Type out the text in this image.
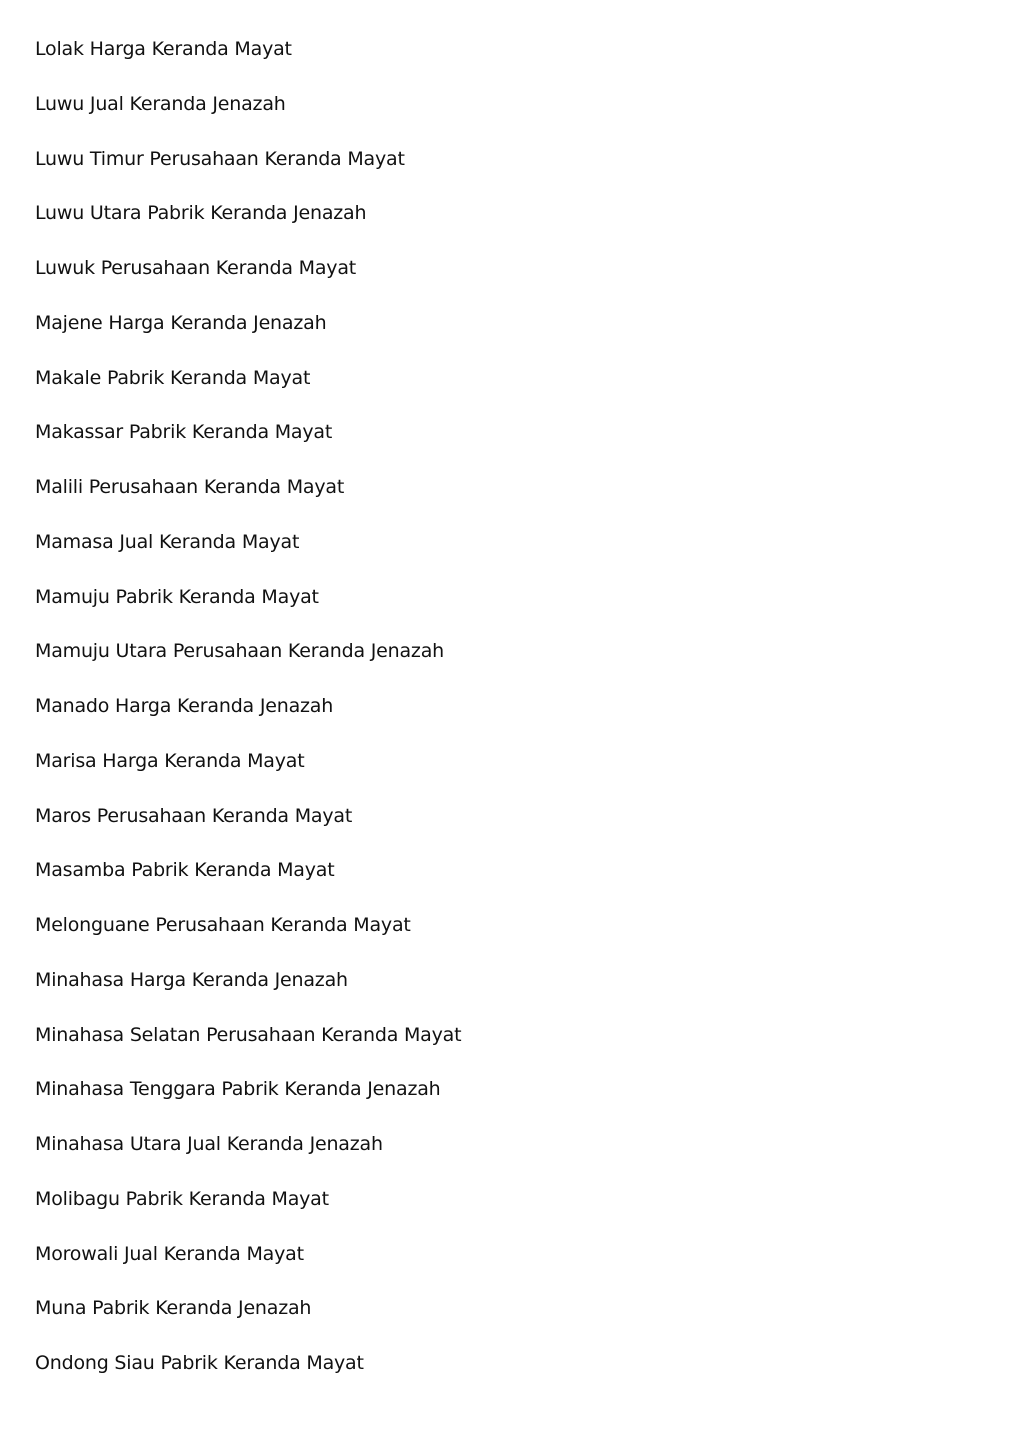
Lolak Harga Keranda Mayat
Luwu Jual Keranda Jenazah
Luwu Timur Perusahaan Keranda Mayat
Luwu Utara Pabrik Keranda Jenazah
Luwuk Perusahaan Keranda Mayat
Majene Harga Keranda Jenazah
Makale Pabrik Keranda Mayat
Makassar Pabrik Keranda Mayat
Malili Perusahaan Keranda Mayat
Mamasa Jual Keranda Mayat
Mamuju Pabrik Keranda Mayat
Mamuju Utara Perusahaan Keranda Jenazah
Manado Harga Keranda Jenazah
Marisa Harga Keranda Mayat
Maros Perusahaan Keranda Mayat
Masamba Pabrik Keranda Mayat
Melonguane Perusahaan Keranda Mayat
Minahasa Harga Keranda Jenazah
Minahasa Selatan Perusahaan Keranda Mayat
Minahasa Tenggara Pabrik Keranda Jenazah
Minahasa Utara Jual Keranda Jenazah
Molibagu Pabrik Keranda Mayat
Morowali Jual Keranda Mayat
Muna Pabrik Keranda Jenazah
Ondong Siau Pabrik Keranda Mayat
